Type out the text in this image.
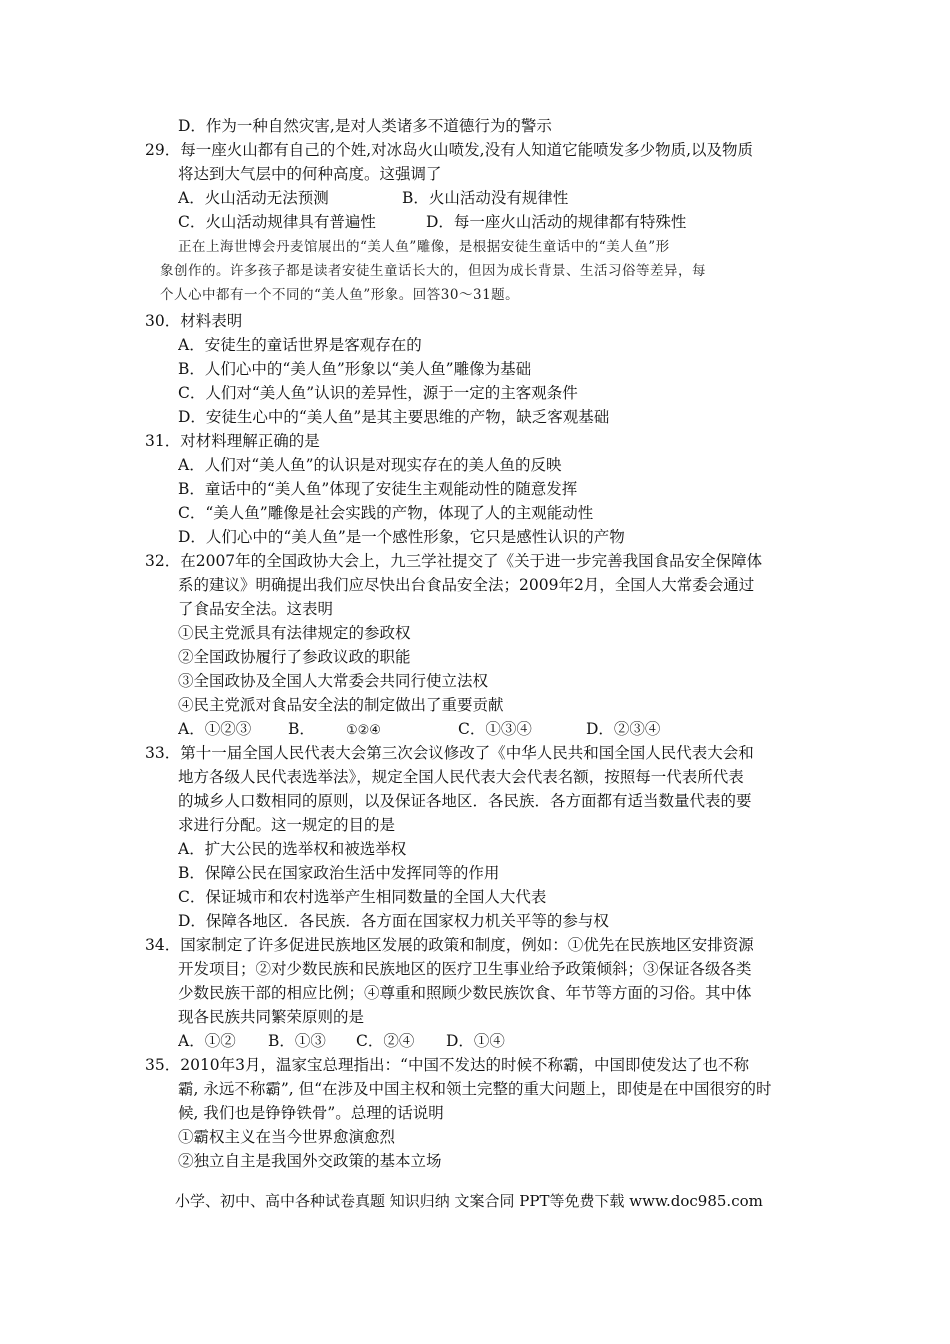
D．作为一种自然灾害,是对人类诸多不道德行为的警示
29．每一座火山都有自己的个姓,对冰岛火山喷发,没有人知道它能喷发多少物质,以及物质
将达到大气层中的何种高度。这强调了
A．火山活动无法预测	B．火山活动没有规律性
C．火山活动规律具有普遍性	D．每一座火山活动的规律都有特殊性
正在上海世博会丹麦馆展出的“美人鱼”雕像，是根据安徒生童话中的“美人鱼”形
象创作的。许多孩子都是读者安徒生童话长大的，但因为成长背景、生活习俗等差异，每
个人心中都有一个不同的“美人鱼”形象。回答30～31题。
30．材料表明
A．安徒生的童话世界是客观存在的
B．人们心中的“美人鱼”形象以“美人鱼”雕像为基础
C．人们对“美人鱼”认识的差异性，源于一定的主客观条件
D．安徒生心中的“美人鱼”是其主要思维的产物，缺乏客观基础
31．对材料理解正确的是
A．人们对“美人鱼”的认识是对现实存在的美人鱼的反映
B．童话中的“美人鱼”体现了安徒生主观能动性的随意发挥
C．“美人鱼”雕像是社会实践的产物，体现了人的主观能动性
D．人们心中的“美人鱼”是一个感性形象，它只是感性认识的产物
32．在2007年的全国政协大会上，九三学社提交了《关于进一步完善我国食品安全保障体
系的建议》明确提出我们应尽快出台食品安全法；2009年2月，全国人大常委会通过
了食品安全法。这表明
①民主党派具有法律规定的参政权
②全国政协履行了参政议政的职能
③全国政协及全国人大常委会共同行使立法权
④民主党派对食品安全法的制定做出了重要贡献
A．①②③ B． ①②④	C．①③④	D．②③④
33．第十一届全国人民代表大会第三次会议修改了《中华人民共和国全国人民代表大会和
地方各级人民代表选举法》，规定全国人民代表大会代表名额，按照每一代表所代表
的城乡人口数相同的原则，以及保证各地区．各民族．各方面都有适当数量代表的要
求进行分配。这一规定的目的是
A．扩大公民的选举权和被选举权
B．保障公民在国家政治生活中发挥同等的作用
C．保证城市和农村选举产生相同数量的全国人大代表
D．保障各地区．各民族．各方面在国家权力机关平等的参与权
34．国家制定了许多促进民族地区发展的政策和制度，例如：①优先在民族地区安排资源
开发项目；②对少数民族和民族地区的医疗卫生事业给予政策倾斜；③保证各级各类
少数民族干部的相应比例；④尊重和照顾少数民族饮食、年节等方面的习俗。其中体
现各民族共同繁荣原则的是
A．①② B．①③ C．②④ D．①④
35．2010年3月，温家宝总理指出：“中国不发达的时候不称霸，中国即使发达了也不称
霸, 永远不称霸”, 但“在涉及中国主权和领土完整的重大问题上，即使是在中国很穷的时
候, 我们也是铮铮铁骨”。总理的话说明
①霸权主义在当今世界愈演愈烈
②独立自主是我国外交政策的基本立场
小学、初中、高中各种试卷真题 知识归纳 文案合同 PPT等免费下载 www.doc985.com
